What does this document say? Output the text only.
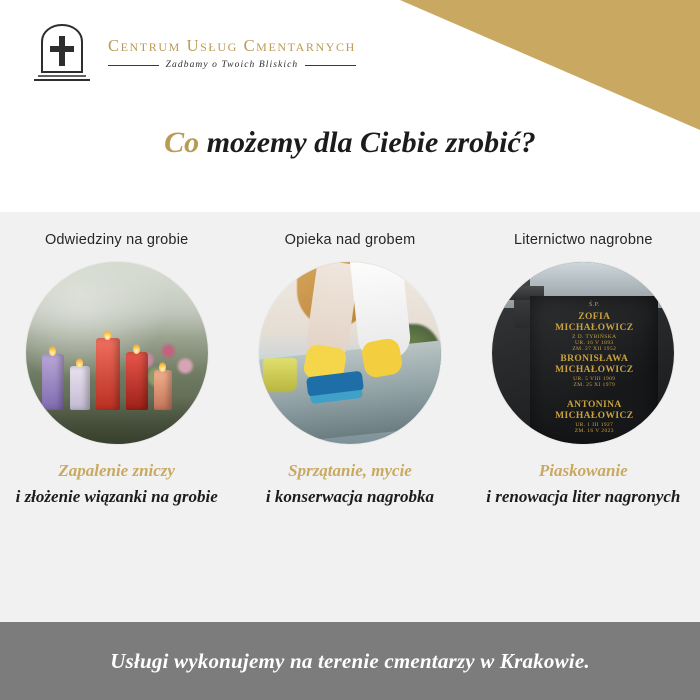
Centrum Usług Cmentarnych
Zadbamy o Twoich Bliskich
Co możemy dla Ciebie zrobić?
Odwiedziny na grobie
Zapalenie zniczy
i złożenie wiązanki na grobie
Opieka nad grobem
Sprzątanie, mycie
i konserwacja nagrobka
Liternictwo nagrobne
Ś.P.
ZOFIA
MICHAŁOWICZ
Z D. TYBIŃSKA
UR. 16 V 1893
ZM. 27 XII 1952
BRONISŁAWA
MICHAŁOWICZ
UR. 5 VIII 1909
ZM. 25 XI 1979
ANTONINA
MICHAŁOWICZ
UR. 1 III 1927
ZM. 16 V 2023
Piaskowanie
i renowacja liter nagronych
Usługi wykonujemy na terenie cmentarzy w Krakowie.
